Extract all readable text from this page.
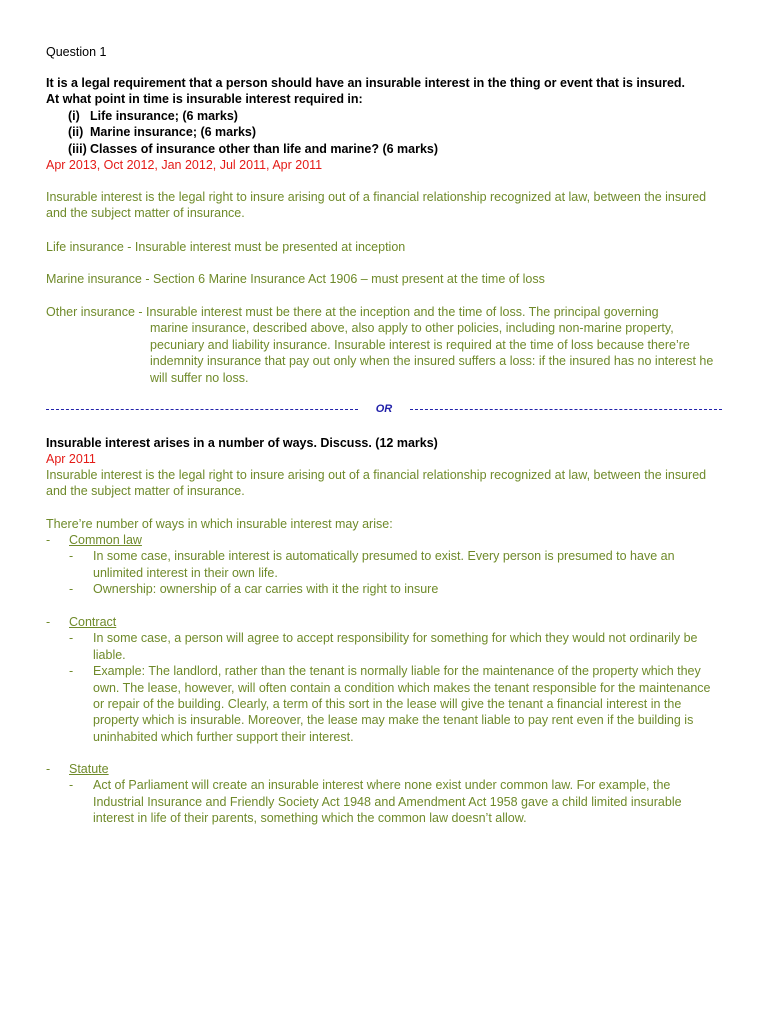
Question 1
It is a legal requirement that a person should have an insurable interest in the thing or event that is insured.
At what point in time is insurable interest required in:
(i) Life insurance; (6 marks)
(ii) Marine insurance; (6 marks)
(iii) Classes of insurance other than life and marine? (6 marks)
Apr 2013, Oct 2012, Jan 2012, Jul 2011, Apr 2011
Insurable interest is the legal right to insure arising out of a financial relationship recognized at law, between the insured and the subject matter of insurance.
Life insurance - Insurable interest must be presented at inception
Marine insurance - Section 6 Marine Insurance Act 1906 – must present at the time of loss
Other insurance - Insurable interest must be there at the inception and the time of loss. The principal governing
marine insurance, described above, also apply to other policies, including non-marine property, pecuniary and liability insurance. Insurable interest is required at the time of loss because there’re indemnity insurance that pay out only when the insured suffers a loss: if the insured has no interest he will suffer no loss.
OR
Insurable interest arises in a number of ways. Discuss. (12 marks)
Apr 2011
Insurable interest is the legal right to insure arising out of a financial relationship recognized at law, between the insured and the subject matter of insurance.
There’re number of ways in which insurable interest may arise:
-	Common law
-	In some case, insurable interest is automatically presumed to exist. Every person is presumed to have an unlimited interest in their own life.
-	Ownership: ownership of a car carries with it the right to insure
-	Contract
-	In some case, a person will agree to accept responsibility for something for which they would not ordinarily be liable.
-	Example: The landlord, rather than the tenant is normally liable for the maintenance of the property which they own. The lease, however, will often contain a condition which makes the tenant responsible for the maintenance or repair of the building. Clearly, a term of this sort in the lease will give the tenant a financial interest in the property which is insurable. Moreover, the lease may make the tenant liable to pay rent even if the building is uninhabited which further support their interest.
-	Statute
-	Act of Parliament will create an insurable interest where none exist under common law. For example, the Industrial Insurance and Friendly Society Act 1948 and Amendment Act 1958 gave a child limited insurable interest in life of their parents, something which the common law doesn’t allow.
